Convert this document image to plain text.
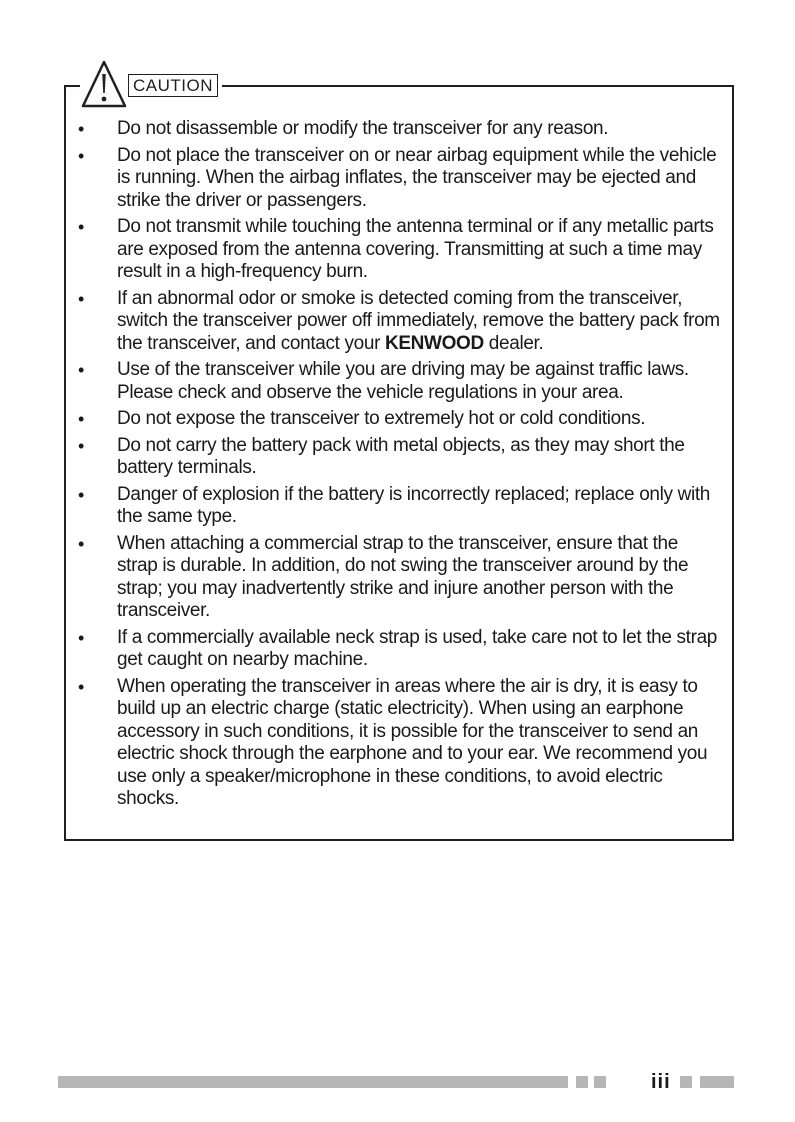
CAUTION
• Do not disassemble or modify the transceiver for any reason.
• Do not place the transceiver on or near airbag equipment while the vehicle is running. When the airbag inflates, the transceiver may be ejected and strike the driver or passengers.
• Do not transmit while touching the antenna terminal or if any metallic parts are exposed from the antenna covering. Transmitting at such a time may result in a high-frequency burn.
• If an abnormal odor or smoke is detected coming from the transceiver, switch the transceiver power off immediately, remove the battery pack from the transceiver, and contact your KENWOOD dealer.
• Use of the transceiver while you are driving may be against traffic laws. Please check and observe the vehicle regulations in your area.
• Do not expose the transceiver to extremely hot or cold conditions.
• Do not carry the battery pack with metal objects, as they may short the battery terminals.
• Danger of explosion if the battery is incorrectly replaced; replace only with the same type.
• When attaching a commercial strap to the transceiver, ensure that the strap is durable. In addition, do not swing the transceiver around by the strap; you may inadvertently strike and injure another person with the transceiver.
• If a commercially available neck strap is used, take care not to let the strap get caught on nearby machine.
• When operating the transceiver in areas where the air is dry, it is easy to build up an electric charge (static electricity). When using an earphone accessory in such conditions, it is possible for the transceiver to send an electric shock through the earphone and to your ear. We recommend you use only a speaker/microphone in these conditions, to avoid electric shocks.
iii
